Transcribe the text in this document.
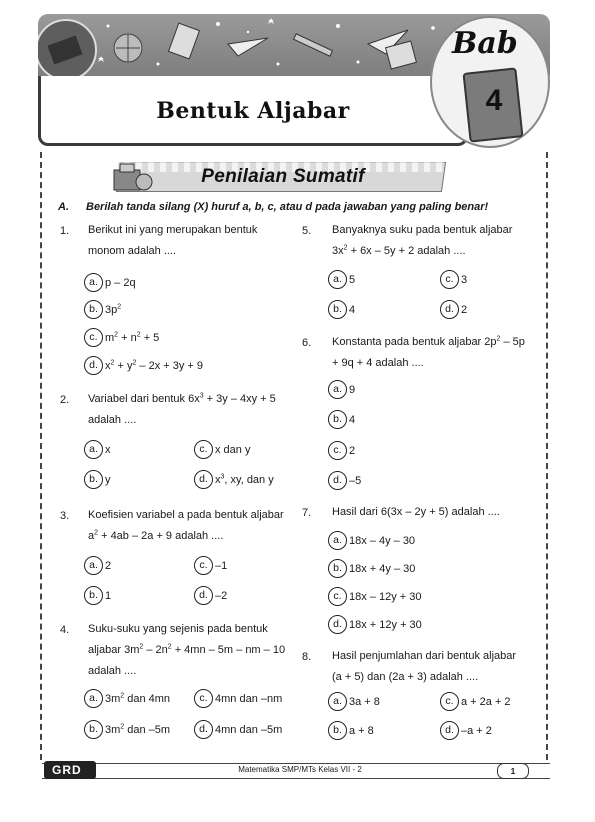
Bentuk Aljabar
Bab
4
Penilaian Sumatif
A. Berilah tanda silang (X) huruf a, b, c, atau d pada jawaban yang paling benar!
1. Berikut ini yang merupakan bentuk
monom adalah ....
a. p – 2q
b. $3p^2$
c. $m^2 + n^2 + 5$
d. $x^2 + y^2 - 2x + 3y + 9$
2. Variabel dari bentuk $6x^3 + 3y - 4xy + 5$
adalah ....
a. x	c. x dan y
b. y	d. $x^3$, xy, dan y
3. Koefisien variabel a pada bentuk aljabar
$a^2 + 4ab - 2a + 9$ adalah ....
a. 2	c. –1
b. 1	d. –2
4. Suku-suku yang sejenis pada bentuk
aljabar $3m^2 - 2n^2 + 4mn - 5m$ – nm – 10
adalah ....
a. $3m^2$ dan 4mn	c. 4mn dan –nm
b. $3m^2$ dan –5m	d. 4mn dan –5m
5. Banyaknya suku pada bentuk aljabar
$3x^2 + 6x - 5y + 2$ adalah ....
a. 5	c. 3
b. 4	d. 2
6. Konstanta pada bentuk aljabar $2p^2 - 5p$
+ 9q + 4 adalah ....
a. 9
b. 4
c. 2
d. –5
7. Hasil dari 6(3x – 2y + 5) adalah ....
a. 18x – 4y – 30
b. 18x + 4y – 30
c. 18x – 12y + 30
d. 18x + 12y + 30
8. Hasil penjumlahan dari bentuk aljabar
(a + 5) dan (2a + 3) adalah ....
a. 3a + 8	c. a + 2a + 2
b. a + 8	d. –a + 2
GRD	Matematika SMP/MTs Kelas VII - 2	1
